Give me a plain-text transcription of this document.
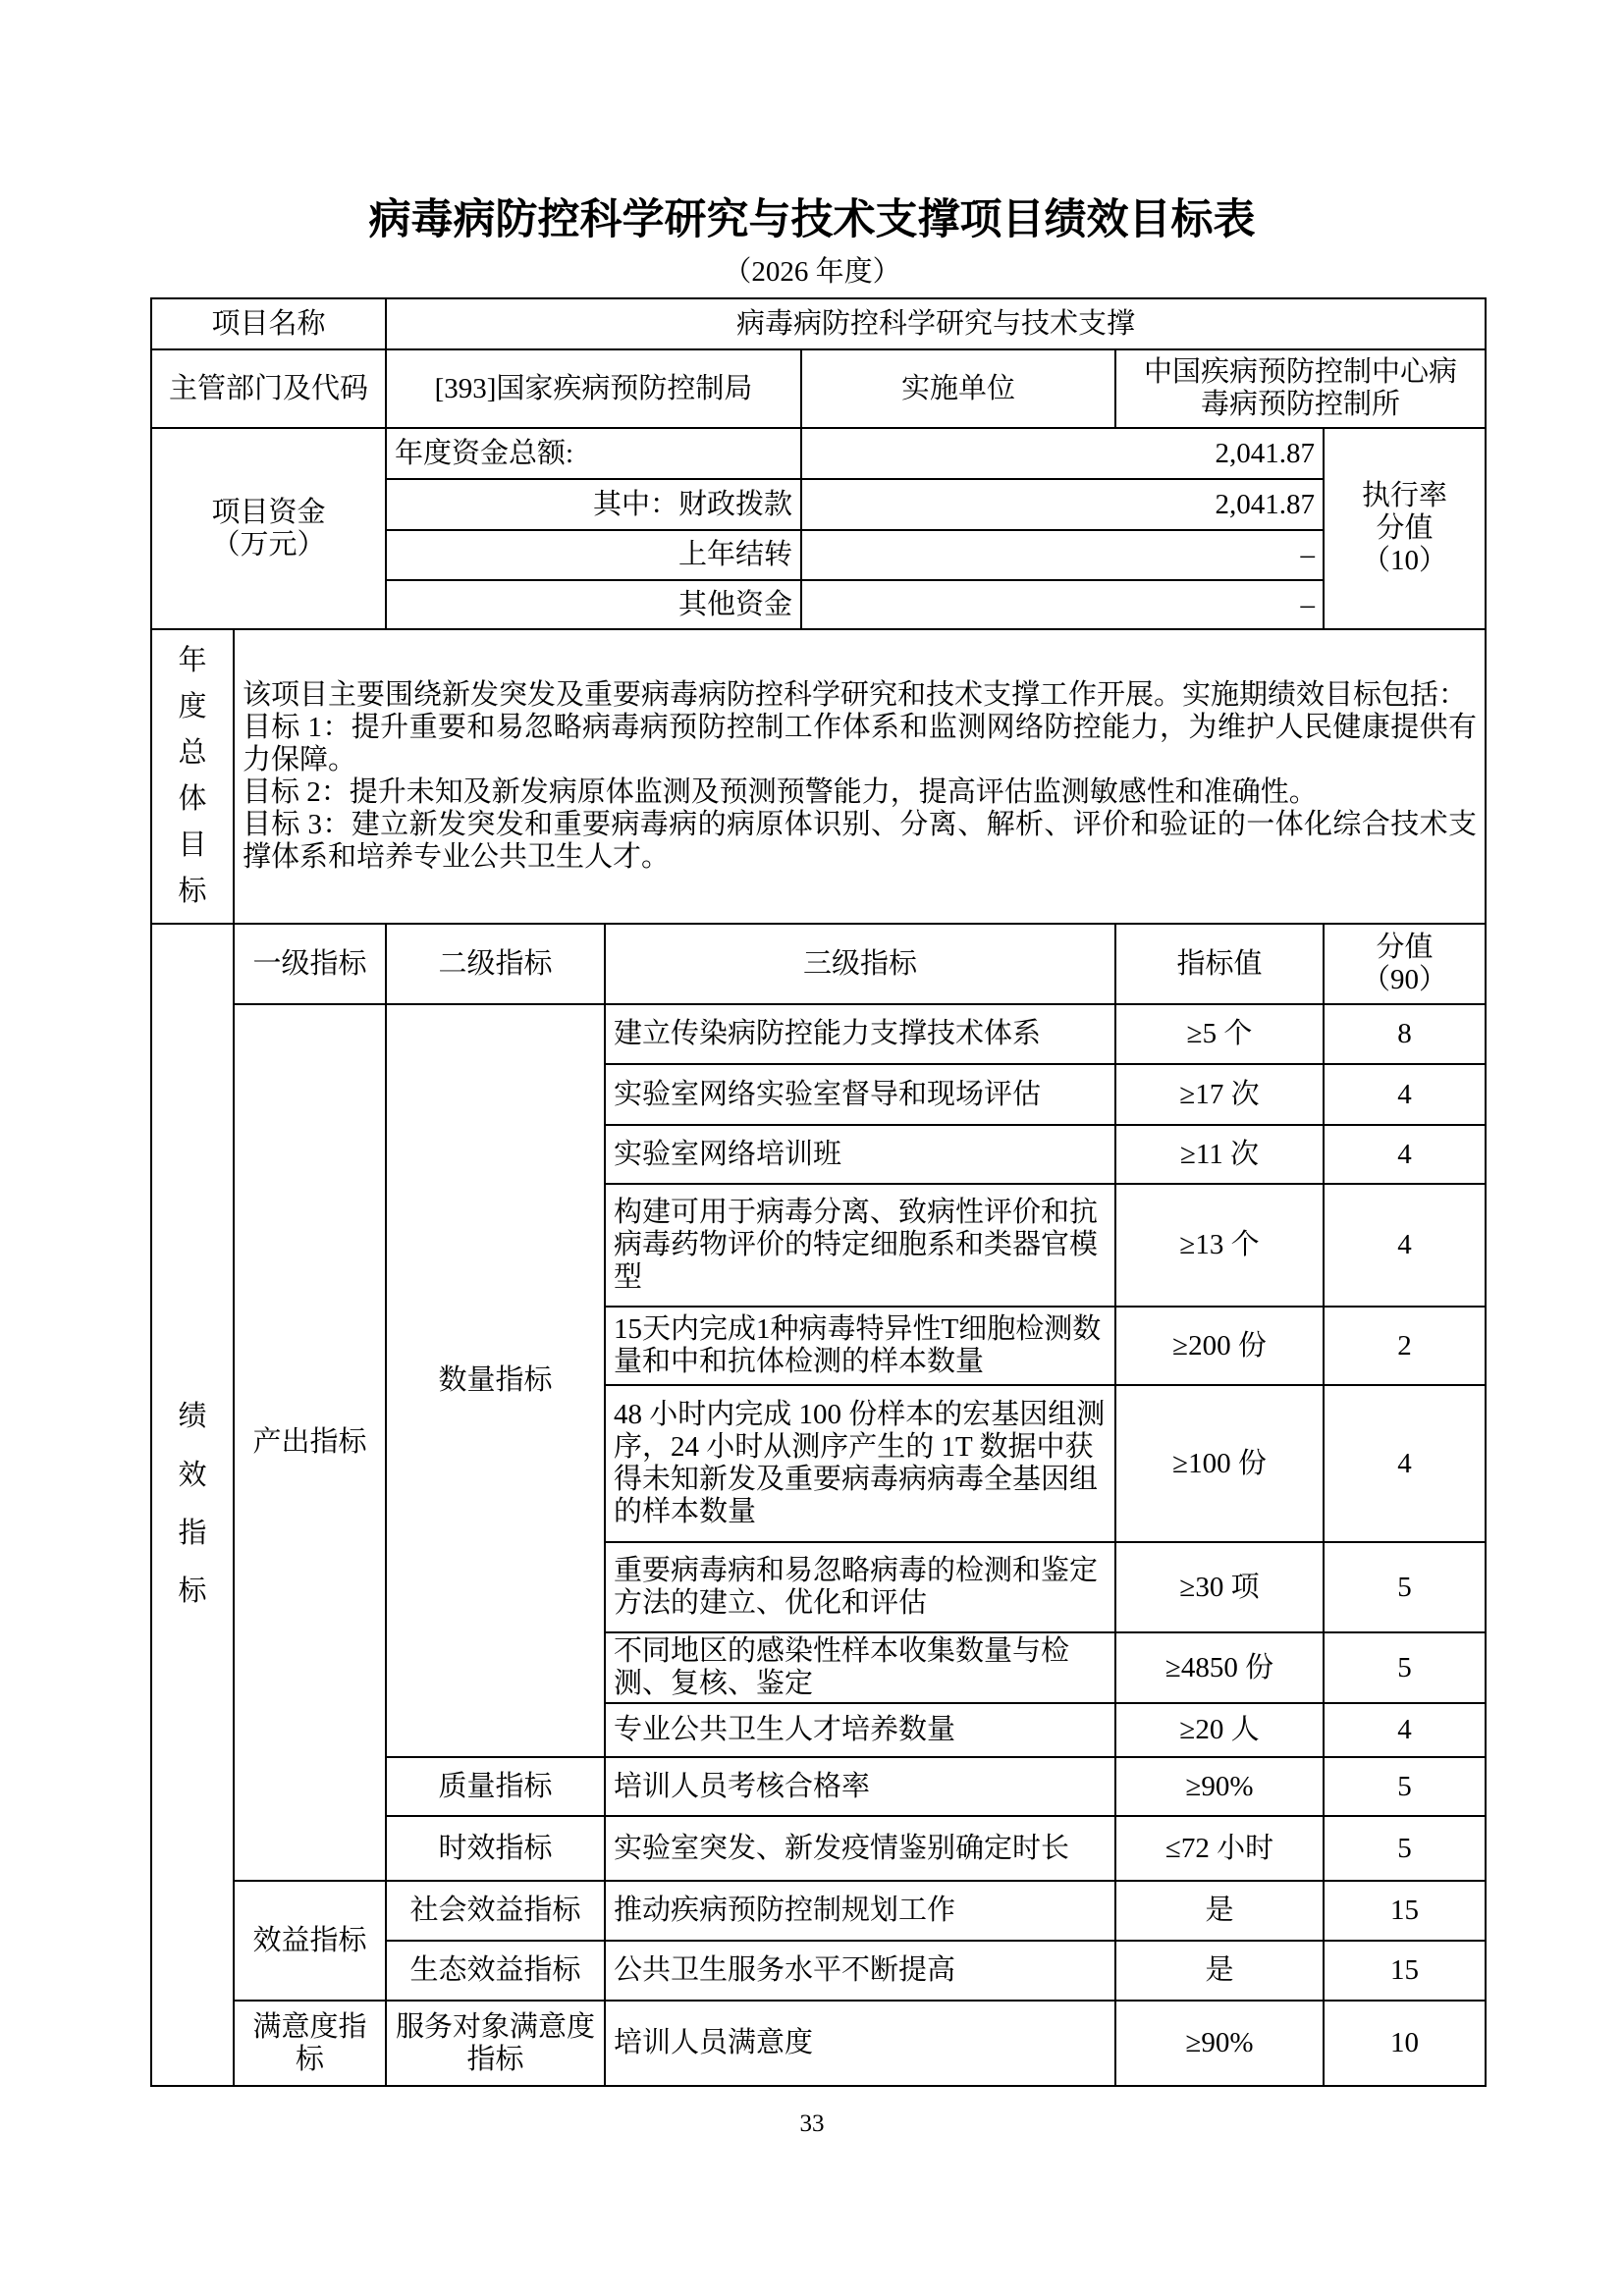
病毒病防控科学研究与技术支撑项目绩效目标表
（2026 年度）
项目名称		病毒病防控科学研究与技术支撑				
主管部门及代码		[393]国家疾病预防控制局		实施单位	中国疾病预防控制中心病毒病预防控制所	

项目资金
（万元）
	年度资金总额:	2,041.87	
执行率
分值
（10）

		其中：财政拨款		2,041.87		
		上年结转		–		
		其他资金		–		
年度总体目标	该项目主要围绕新发突发及重要病毒病防控科学研究和技术支撑工作开展。实施期绩效目标包括：
目标 1：提升重要和易忽略病毒病预防控制工作体系和监测网络防控能力，为维护人民健康提供有力保障。
目标 2：提升未知及新发病原体监测及预测预警能力，提高评估监测敏感性和准确性。
目标 3：建立新发突发和重要病毒病的病原体识别、分离、解析、评价和验证的一体化综合技术支撑体系和培养专业公共卫生人才。					

绩效指标	一级指标	二级指标	三级指标		指标值	分值
（90）

	产出指标	数量指标	建立传染病防控能力支撑技术体系		≥5 个	8
			实验室网络实验室督导和现场评估		≥17 次	4
			实验室网络培训班		≥11 次	4
			构建可用于病毒分离、致病性评价和抗病毒药物评价的特定细胞系和类器官模型		≥13 个	4
			15天内完成1种病毒特异性T细胞检测数量和中和抗体检测的样本数量		≥200 份	2
			48 小时内完成 100 份样本的宏基因组测序，24 小时从测序产生的 1T 数据中获得未知新发及重要病毒病病毒全基因组的样本数量		≥100 份	4
			重要病毒病和易忽略病毒的检测和鉴定方法的建立、优化和评估		≥30 项	5
			不同地区的感染性样本收集数量与检测、复核、鉴定		≥4850 份	5
			专业公共卫生人才培养数量		≥20 人	4
		质量指标	培训人员考核合格率		≥90%	5
		时效指标	实验室突发、新发疫情鉴别确定时长		≤72 小时	5
	效益指标	社会效益指标	推动疾病预防控制规划工作		是	15
		生态效益指标	公共卫生服务水平不断提高		是	15
	满意度指标	服务对象满意度指标	培训人员满意度		≥90%	10
33
